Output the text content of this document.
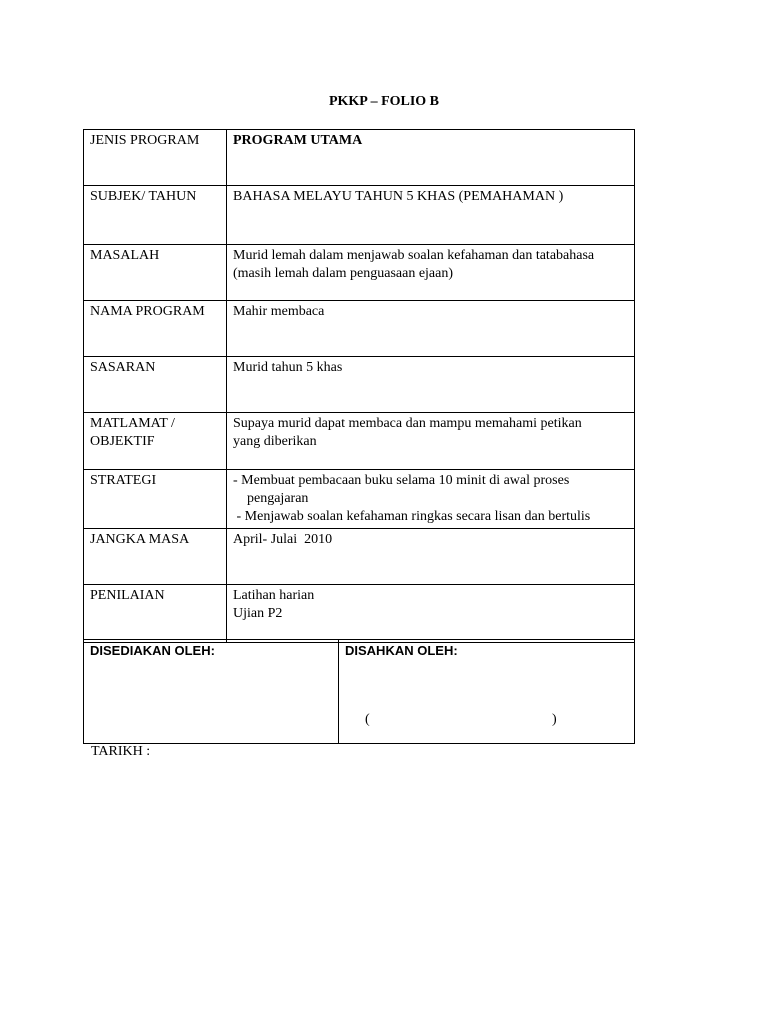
PKKP – FOLIO B
JENIS PROGRAM	PROGRAM UTAMA
SUBJEK/ TAHUN	BAHASA MELAYU TAHUN 5 KHAS (PEMAHAMAN )
MASALAH	Murid lemah dalam menjawab soalan kefahaman dan tatabahasa
(masih lemah dalam penguasaan ejaan)

NAMA PROGRAM	Mahir membaca
SASARAN	Murid tahun 5 khas

MATLAMAT /
OBJEKTIF	Supaya murid dapat membaca dan mampu memahami petikan
yang diberikan

STRATEGI	- Membuat pembacaan buku selama 10 minit di awal proses
pengajaran
- Menjawab soalan kefahaman ringkas secara lisan dan bertulis

JANGKA MASA	April- Julai  2010
PENILAIAN	Latihan harian
Ujian P2
DISEDIAKAN OLEH:	DISAHKAN OLEH:
(	)
TARIKH :
